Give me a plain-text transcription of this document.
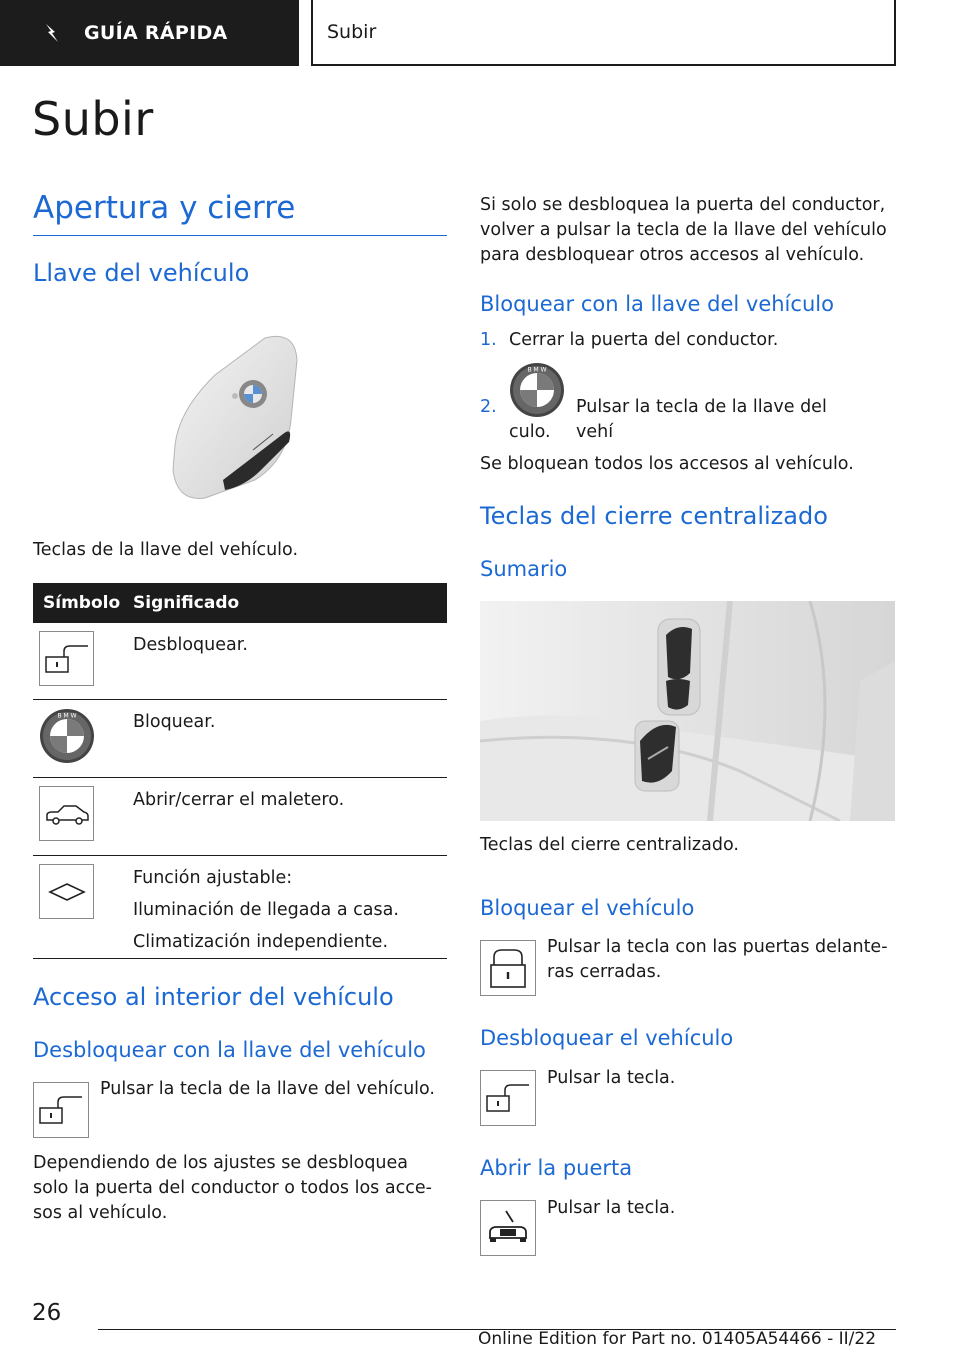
GUÍA RÁPIDA	Subir
Subir
Apertura y cierre
Llave del vehículo
Teclas de la llave del vehículo.
Símbolo Significado
Desbloquear.
B M W	Bloquear.
Abrir/cerrar el maletero.
Función ajustable:
Iluminación de llegada a casa.
Climatización independiente.
Acceso al interior del vehículo
Desbloquear con la llave del vehículo
Pulsar la tecla de la llave del vehículo.
Dependiendo de los ajustes se desbloquea solo la puerta del conductor o todos los accesos al vehículo.
Si solo se desbloquea la puerta del conductor, volver a pulsar la tecla de la llave del vehículo para desbloquear otros accesos al vehículo.
Bloquear con la llave del vehículo
1. Cerrar la puerta del conductor.
2.
B M W
Pulsar la tecla de la llave del vehí
culo.
Se bloquean todos los accesos al vehículo.
Teclas del cierre centralizado
Sumario
Teclas del cierre centralizado.
Bloquear el vehículo
Pulsar la tecla con las puertas delanteras cerradas.
Desbloquear el vehículo
Pulsar la tecla.
Abrir la puerta
Pulsar la tecla.
26
Online Edition for Part no. 01405A54466 - II/22
